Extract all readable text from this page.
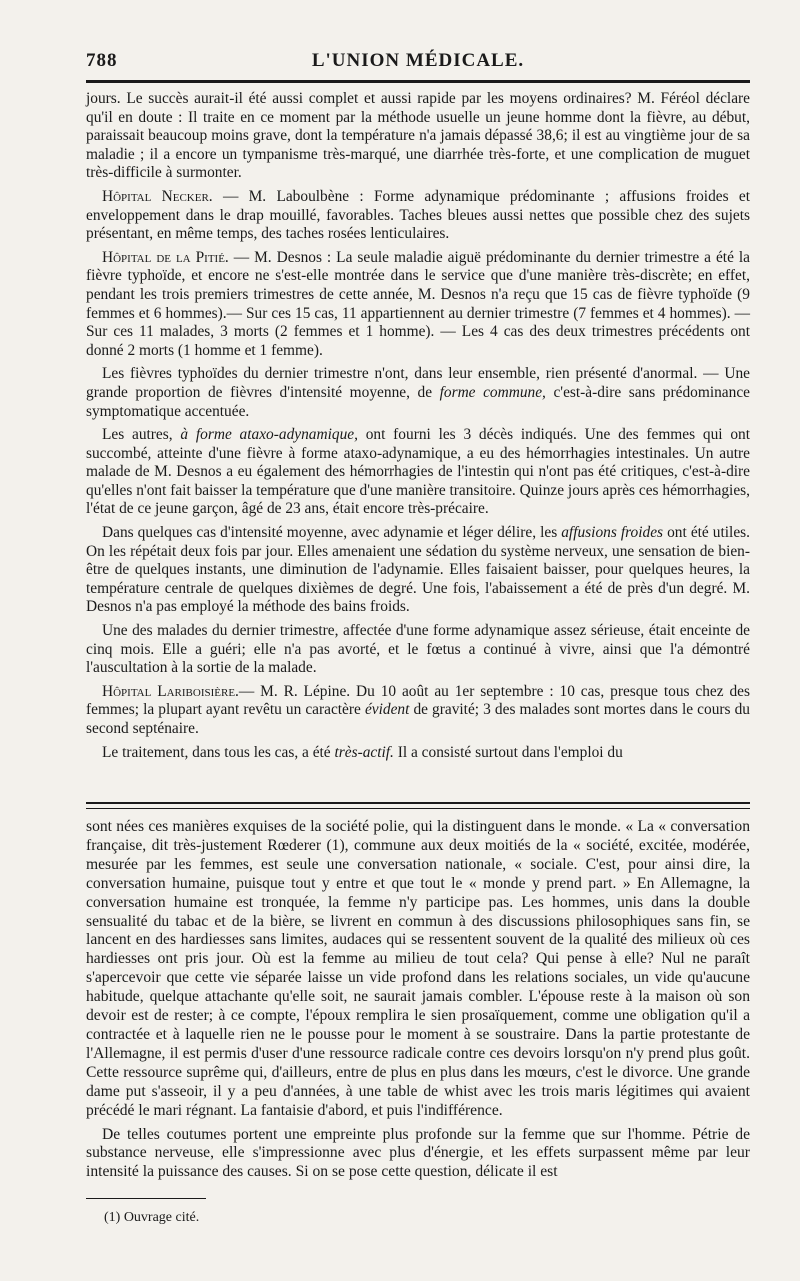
788	L'UNION MÉDICALE.

jours. Le succès aurait-il été aussi complet et aussi rapide par les moyens ordinaires? M. Féréol déclare qu'il en doute : Il traite en ce moment par la méthode usuelle un jeune homme dont la fièvre, au début, paraissait beaucoup moins grave, dont la température n'a jamais dépassé 38,6; il est au vingtième jour de sa maladie ; il a encore un tympanisme très-marqué, une diarrhée très-forte, et une complication de muguet très-difficile à surmonter.

Hôpital Necker. — M. Laboulbène : Forme adynamique prédominante ; affusions froides et enveloppement dans le drap mouillé, favorables. Taches bleues aussi nettes que possible chez des sujets présentant, en même temps, des taches rosées lenticulaires.

Hôpital de la Pitié. — M. Desnos : La seule maladie aiguë prédominante du dernier trimestre a été la fièvre typhoïde, et encore ne s'est-elle montrée dans le service que d'une manière très-discrète; en effet, pendant les trois premiers trimestres de cette année, M. Desnos n'a reçu que 15 cas de fièvre typhoïde (9 femmes et 6 hommes).— Sur ces 15 cas, 11 appartiennent au dernier trimestre (7 femmes et 4 hommes). — Sur ces 11 malades, 3 morts (2 femmes et 1 homme). — Les 4 cas des deux trimestres précédents ont donné 2 morts (1 homme et 1 femme).

Les fièvres typhoïdes du dernier trimestre n'ont, dans leur ensemble, rien présenté d'anormal. — Une grande proportion de fièvres d'intensité moyenne, de forme commune, c'est-à-dire sans prédominance symptomatique accentuée.

Les autres, à forme ataxo-adynamique, ont fourni les 3 décès indiqués. Une des femmes qui ont succombé, atteinte d'une fièvre à forme ataxo-adynamique, a eu des hémorrhagies intestinales. Un autre malade de M. Desnos a eu également des hémorrhagies de l'intestin qui n'ont pas été critiques, c'est-à-dire qu'elles n'ont fait baisser la température que d'une manière transitoire. Quinze jours après ces hémorrhagies, l'état de ce jeune garçon, âgé de 23 ans, était encore très-précaire.

Dans quelques cas d'intensité moyenne, avec adynamie et léger délire, les affusions froides ont été utiles. On les répétait deux fois par jour. Elles amenaient une sédation du système nerveux, une sensation de bien-être de quelques instants, une diminution de l'adynamie. Elles faisaient baisser, pour quelques heures, la température centrale de quelques dixièmes de degré. Une fois, l'abaissement a été de près d'un degré. M. Desnos n'a pas employé la méthode des bains froids.

Une des malades du dernier trimestre, affectée d'une forme adynamique assez sérieuse, était enceinte de cinq mois. Elle a guéri; elle n'a pas avorté, et le fœtus a continué à vivre, ainsi que l'a démontré l'auscultation à la sortie de la malade.

Hôpital Lariboisière.— M. R. Lépine. Du 10 août au 1er septembre : 10 cas, presque tous chez des femmes; la plupart ayant revêtu un caractère évident de gravité; 3 des malades sont mortes dans le cours du second septénaire.

Le traitement, dans tous les cas, a été très-actif. Il a consisté surtout dans l'emploi du

sont nées ces manières exquises de la société polie, qui la distinguent dans le monde. « La « conversation française, dit très-justement Rœderer (1), commune aux deux moitiés de la « société, excitée, modérée, mesurée par les femmes, est seule une conversation nationale, « sociale. C'est, pour ainsi dire, la conversation humaine, puisque tout y entre et que tout le « monde y prend part. » En Allemagne, la conversation humaine est tronquée, la femme n'y participe pas. Les hommes, unis dans la double sensualité du tabac et de la bière, se livrent en commun à des discussions philosophiques sans fin, se lancent en des hardiesses sans limites, audaces qui se ressentent souvent de la qualité des milieux où ces hardiesses ont pris jour. Où est la femme au milieu de tout cela? Qui pense à elle? Nul ne paraît s'apercevoir que cette vie séparée laisse un vide profond dans les relations sociales, un vide qu'aucune habitude, quelque attachante qu'elle soit, ne saurait jamais combler. L'épouse reste à la maison où son devoir est de rester; à ce compte, l'époux remplira le sien prosaïquement, comme une obligation qu'il a contractée et à laquelle rien ne le pousse pour le moment à se soustraire. Dans la partie protestante de l'Allemagne, il est permis d'user d'une ressource radicale contre ces devoirs lorsqu'on n'y prend plus goût. Cette ressource suprême qui, d'ailleurs, entre de plus en plus dans les mœurs, c'est le divorce. Une grande dame put s'asseoir, il y a peu d'années, à une table de whist avec les trois maris légitimes qui avaient précédé le mari régnant. La fantaisie d'abord, et puis l'indifférence.

De telles coutumes portent une empreinte plus profonde sur la femme que sur l'homme. Pétrie de substance nerveuse, elle s'impressionne avec plus d'énergie, et les effets surpassent même par leur intensité la puissance des causes. Si on se pose cette question, délicate il est

(1) Ouvrage cité.
